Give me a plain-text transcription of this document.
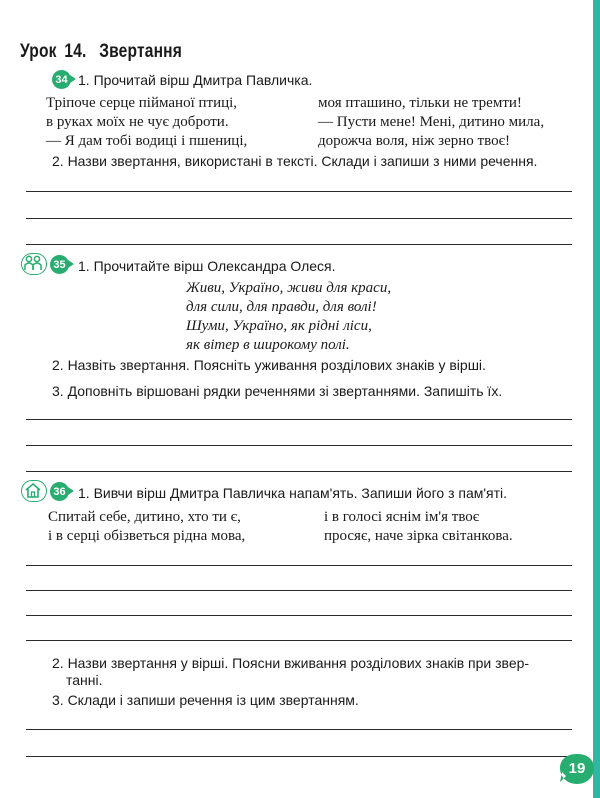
Урок 14. Звертання
34 1. Прочитай вірш Дмитра Павличка.
Тріпоче серце пійманої птиці,
в руках моїх не чує доброти.
— Я дам тобі водиці і пшениці,
моя пташино, тільки не тремти!
— Пусти мене! Мені, дитино мила,
дорожча воля, ніж зерно твоє!
2. Назви звертання, використані в тексті. Склади і запиши з ними речення.
35 1. Прочитайте вірш Олександра Олеся.
Живи, Україно, живи для краси,
для сили, для правди, для волі!
Шуми, Україно, як рідні ліси,
як вітер в широкому полі.
2. Назвіть звертання. Поясніть уживання розділових знаків у вірші.
3. Доповніть віршовані рядки реченнями зі звертаннями. Запишіть їх.
36 1. Вивчи вірш Дмитра Павличка напам'ять. Запиши його з пам'яті.
Спитай себе, дитино, хто ти є,
і в серці обізветься рідна мова,
і в голосі яснім ім'я твоє
просяє, наче зірка світанкова.
2. Назви звертання у вірші. Поясни вживання розділових знаків при звер-
танні.
3. Склади і запиши речення із цим звертанням.
19
